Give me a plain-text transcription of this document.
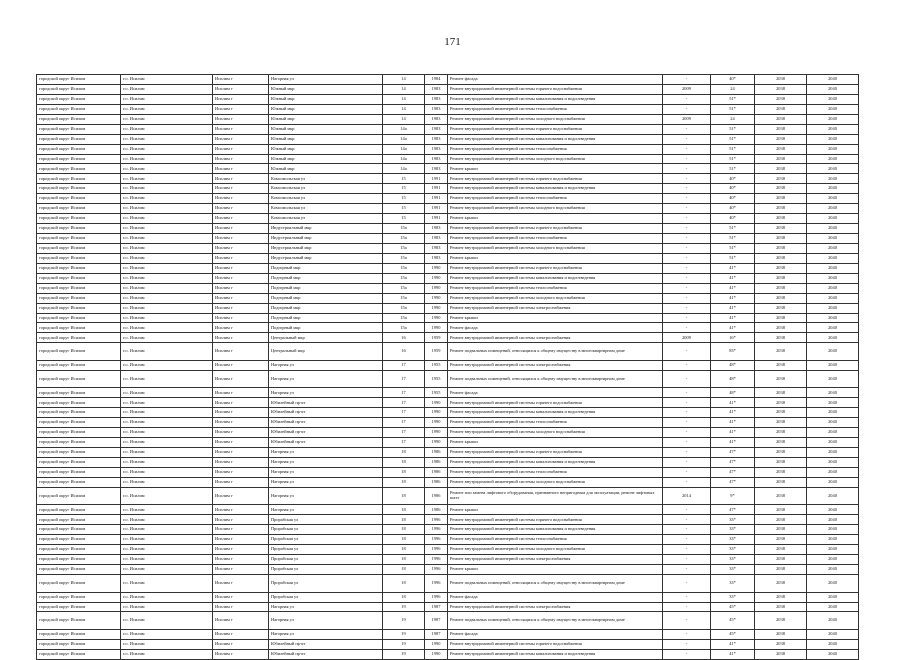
171
городской округ Исилим	г.о. Исилим	Исилим г	Нагорная ул	14	1984	Ремонт фасада	-	40*	2038	2040
городской округ Исилим	г.о. Исилим	Исилим г	Южный мкр	14	1983	Ремонт внутридомовой инженерной системы горячего водоснабжения	2009	24	2038	2040
городской округ Исилим	г.о. Исилим	Исилим г	Южный мкр	14	1983	Ремонт внутридомовой инженерной системы канализования и водоотведения	-	51*	2038	2040
городской округ Исилим	г.о. Исилим	Исилим г	Южный мкр	14	1983	Ремонт внутридомовой инженерной системы теплоснабжения	-	51*	2038	2040
городской округ Исилим	г.о. Исилим	Исилим г	Южный мкр	14	1983	Ремонт внутридомовой инженерной системы холодного водоснабжения	2009	24	2038	2040
городской округ Исилим	г.о. Исилим	Исилим г	Южный мкр	14а	1983	Ремонт внутридомовой инженерной системы горячего водоснабжения	-	51*	2038	2040
городской округ Исилим	г.о. Исилим	Исилим г	Южный мкр	14а	1983	Ремонт внутридомовой инженерной системы канализования и водоотведения	-	51*	2038	2040
городской округ Исилим	г.о. Исилим	Исилим г	Южный мкр	14а	1983	Ремонт внутридомовой инженерной системы теплоснабжения	-	51*	2038	2040
городской округ Исилим	г.о. Исилим	Исилим г	Южный мкр	14а	1983	Ремонт внутридомовой инженерной системы холодного водоснабжения	-	51*	2038	2040
городской округ Исилим	г.о. Исилим	Исилим г	Южный мкр	14а	1983	Ремонт крыши	-	51*	2038	2040
городской округ Исилим	г.о. Исилим	Исилим г	Комсомольская ул	15	1991	Ремонт внутридомовой инженерной системы горячего водоснабжения	-	40*	2038	2040
городской округ Исилим	г.о. Исилим	Исилим г	Комсомольская ул	15	1991	Ремонт внутридомовой инженерной системы канализования и водоотведения	-	40*	2038	2040
городской округ Исилим	г.о. Исилим	Исилим г	Комсомольская ул	15	1991	Ремонт внутридомовой инженерной системы теплоснабжения	-	40*	2038	2040
городской округ Исилим	г.о. Исилим	Исилим г	Комсомольская ул	15	1991	Ремонт внутридомовой инженерной системы холодного водоснабжения	-	40*	2038	2040
городской округ Исилим	г.о. Исилим	Исилим г	Комсомольская ул	15	1991	Ремонт крыши	-	40*	2038	2040
городской округ Исилим	г.о. Исилим	Исилим г	Индустриальный мкр	15а	1983	Ремонт внутридомовой инженерной системы горячего водоснабжения	-	51*	2038	2040
городской округ Исилим	г.о. Исилим	Исилим г	Индустриальный мкр	15а	1983	Ремонт внутридомовой инженерной системы теплоснабжения	-	51*	2038	2040
городской округ Исилим	г.о. Исилим	Исилим г	Индустриальный мкр	15а	1983	Ремонт внутридомовой инженерной системы холодного водоснабжения	-	51*	2038	2040
городской округ Исилим	г.о. Исилим	Исилим г	Индустриальный мкр	15а	1983	Ремонт крыши	-	51*	2038	2040
городской округ Исилим	г.о. Исилим	Исилим г	Подгорный мкр	15а	1990	Ремонт внутридомовой инженерной системы горячего водоснабжения	-	41*	2038	2040
городской округ Исилим	г.о. Исилим	Исилим г	Подгорный мкр	15а	1990	Ремонт внутридомовой инженерной системы канализования и водоотведения	-	41*	2038	2040
городской округ Исилим	г.о. Исилим	Исилим г	Подгорный мкр	15а	1990	Ремонт внутридомовой инженерной системы теплоснабжения	-	41*	2038	2040
городской округ Исилим	г.о. Исилим	Исилим г	Подгорный мкр	15а	1990	Ремонт внутридомовой инженерной системы холодного водоснабжения	-	41*	2038	2040
городской округ Исилим	г.о. Исилим	Исилим г	Подгорный мкр	15а	1990	Ремонт внутридомовой инженерной системы электроснабжения	-	41*	2038	2040
городской округ Исилим	г.о. Исилим	Исилим г	Подгорный мкр	15а	1990	Ремонт крыши	-	41*	2038	2040
городской округ Исилим	г.о. Исилим	Исилим г	Подгорный мкр	15а	1990	Ремонт фасада	-	41*	2038	2040
городской округ Исилим	г.о. Исилим	Исилим г	Центральный мкр	16	1959	Ремонт внутридомовой инженерной системы электроснабжения	2009	16*	2038	2040
городской округ Исилим	г.о. Исилим	Исилим г	Центральный мкр	16	1959	Ремонт подвальных помещений, относящихся к общему имуществу в многоквартирном доме	-	83*	2038	2040
городской округ Исилим	г.о. Исилим	Исилим г	Нагорная ул	17	1955	Ремонт внутридомовой инженерной системы электроснабжения	-	48*	2038	2040
городской округ Исилим	г.о. Исилим	Исилим г	Нагорная ул	17	1955	Ремонт подвальных помещений, относящихся к общему имуществу в многоквартирном доме	-	48*	2038	2040
городской округ Исилим	г.о. Исилим	Исилим г	Нагорная ул	17	1955	Ремонт фасада	-	48*	2038	2040
городской округ Исилим	г.о. Исилим	Исилим г	Юбилейный пр-кт	17	1990	Ремонт внутридомовой инженерной системы горячего водоснабжения	-	41*	2038	2040
городской округ Исилим	г.о. Исилим	Исилим г	Юбилейный пр-кт	17	1990	Ремонт внутридомовой инженерной системы канализования и водоотведения	-	41*	2038	2040
городской округ Исилим	г.о. Исилим	Исилим г	Юбилейный пр-кт	17	1990	Ремонт внутридомовой инженерной системы теплоснабжения	-	41*	2038	2040
городской округ Исилим	г.о. Исилим	Исилим г	Юбилейный пр-кт	17	1990	Ремонт внутридомовой инженерной системы холодного водоснабжения	-	41*	2038	2040
городской округ Исилим	г.о. Исилим	Исилим г	Юбилейный пр-кт	17	1990	Ремонт крыши	-	41*	2038	2040
городской округ Исилим	г.о. Исилим	Исилим г	Нагорная ул	18	1986	Ремонт внутридомовой инженерной системы горячего водоснабжения	-	47*	2038	2040
городской округ Исилим	г.о. Исилим	Исилим г	Нагорная ул	18	1986	Ремонт внутридомовой инженерной системы канализования и водоотведения	-	47*	2038	2040
городской округ Исилим	г.о. Исилим	Исилим г	Нагорная ул	18	1986	Ремонт внутридомовой инженерной системы теплоснабжения	-	47*	2038	2040
городской округ Исилим	г.о. Исилим	Исилим г	Нагорная ул	18	1986	Ремонт внутридомовой инженерной системы холодного водоснабжения	-	47*	2038	2040
городской округ Исилим	г.о. Исилим	Исилим г	Нагорная ул	18	1986	Ремонт или замена лифтового оборудования, признанного непригодным для эксплуатации, ремонт лифтовых шахт	2014	9*	2038	2040
городской округ Исилим	г.о. Исилим	Исилим г	Нагорная ул	18	1986	Ремонт крыши	-	47*	2038	2040
городской округ Исилим	г.о. Исилим	Исилим г	Прорабская ул	18	1996	Ремонт внутридомовой инженерной системы горячего водоснабжения	-	33*	2038	2040
городской округ Исилим	г.о. Исилим	Исилим г	Прорабская ул	18	1996	Ремонт внутридомовой инженерной системы канализования и водоотведения	-	33*	2038	2040
городской округ Исилим	г.о. Исилим	Исилим г	Прорабская ул	18	1996	Ремонт внутридомовой инженерной системы теплоснабжения	-	33*	2038	2040
городской округ Исилим	г.о. Исилим	Исилим г	Прорабская ул	18	1996	Ремонт внутридомовой инженерной системы холодного водоснабжения	-	33*	2038	2040
городской округ Исилим	г.о. Исилим	Исилим г	Прорабская ул	18	1996	Ремонт внутридомовой инженерной системы электроснабжения	-	33*	2038	2040
городской округ Исилим	г.о. Исилим	Исилим г	Прорабская ул	18	1996	Ремонт крыши	-	33*	2038	2040
городской округ Исилим	г.о. Исилим	Исилим г	Прорабская ул	18	1996	Ремонт подвальных помещений, относящихся к общему имуществу в многоквартирном доме	-	33*	2038	2040
городской округ Исилим	г.о. Исилим	Исилим г	Прорабская ул	18	1996	Ремонт фасада	-	33*	2038	2040
городской округ Исилим	г.о. Исилим	Исилим г	Нагорная ул	19	1987	Ремонт внутридомовой инженерной системы электроснабжения	-	45*	2038	2040
городской округ Исилим	г.о. Исилим	Исилим г	Нагорная ул	19	1987	Ремонт подвальных помещений, относящихся к общему имуществу в многоквартирном доме	-	45*	2038	2040
городской округ Исилим	г.о. Исилим	Исилим г	Нагорная ул	19	1987	Ремонт фасада	-	45*	2038	2040
городской округ Исилим	г.о. Исилим	Исилим г	Юбилейный пр-кт	19	1990	Ремонт внутридомовой инженерной системы горячего водоснабжения	-	41*	2038	2040
городской округ Исилим	г.о. Исилим	Исилим г	Юбилейный пр-кт	19	1990	Ремонт внутридомовой инженерной системы канализования и водоотведения	-	41*	2038	2040
